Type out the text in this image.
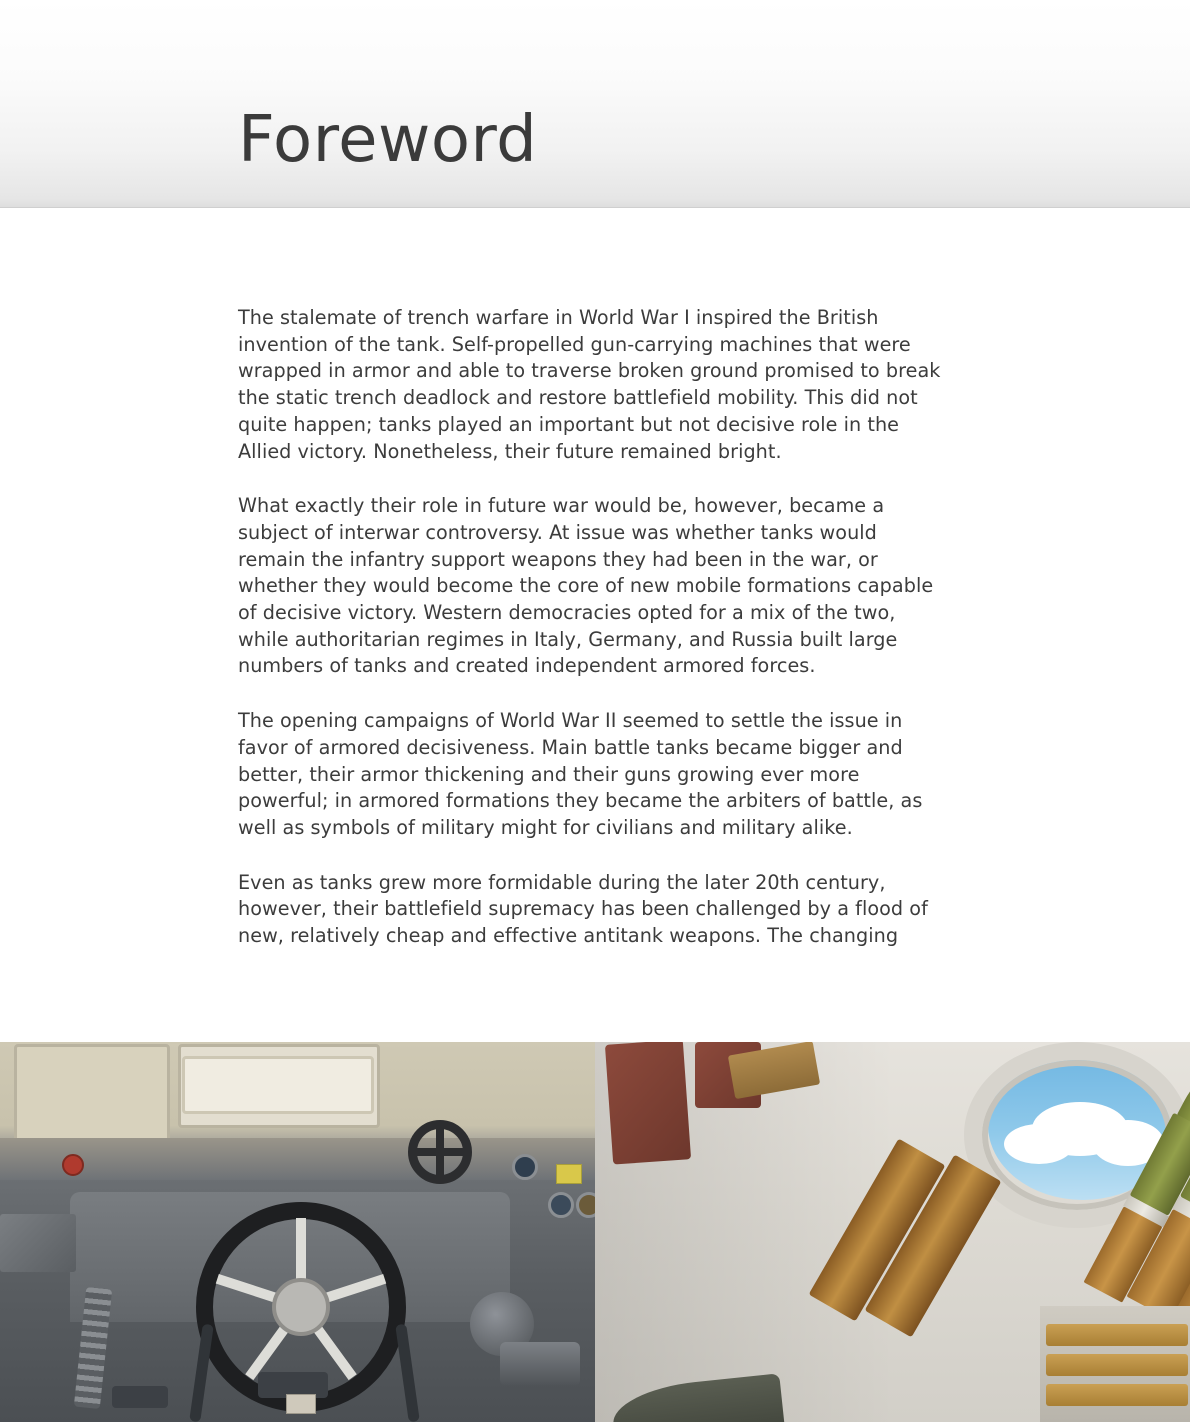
Foreword

The stalemate of trench warfare in World War I inspired the British invention of the tank. Self-propelled gun-carrying machines that were wrapped in armor and able to traverse broken ground promised to break the static trench deadlock and restore battlefield mobility. This did not quite happen; tanks played an important but not decisive role in the Allied victory. Nonetheless, their future remained bright.

What exactly their role in future war would be, however, became a subject of interwar controversy. At issue was whether tanks would remain the infantry support weapons they had been in the war, or whether they would become the core of new mobile formations capable of decisive victory. Western democracies opted for a mix of the two, while authoritarian regimes in Italy, Germany, and Russia built large numbers of tanks and created independent armored forces.

The opening campaigns of World War II seemed to settle the issue in favor of armored decisiveness. Main battle tanks became bigger and better, their armor thickening and their guns growing ever more powerful; in armored formations they became the arbiters of battle, as well as symbols of military might for civilians and military alike.

Even as tanks grew more formidable during the later 20th century, however, their battlefield supremacy has been challenged by a flood of new, relatively cheap and effective antitank weapons. The changing
